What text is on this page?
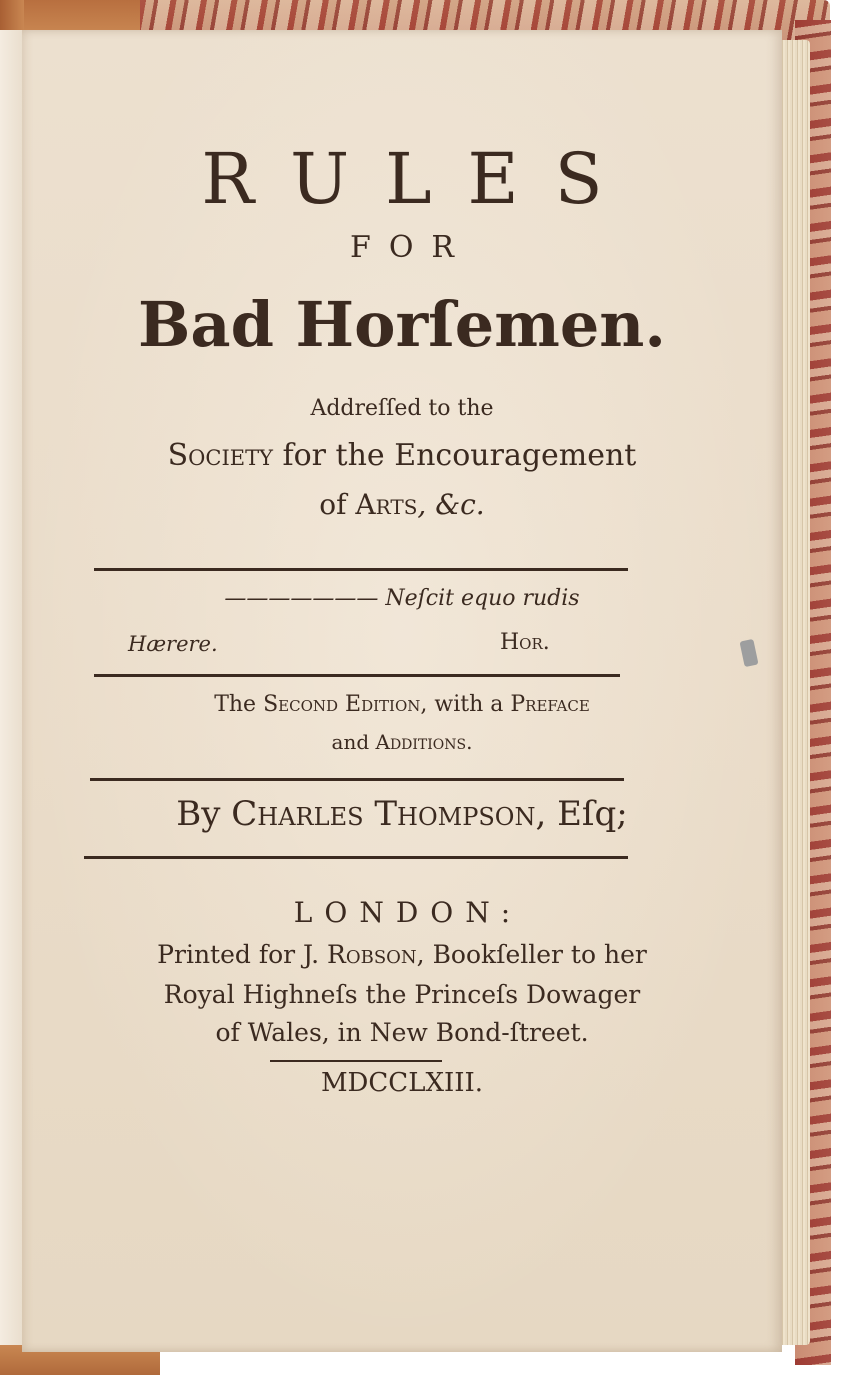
RULES
FOR
Bad Horſemen.
Addreſſed to the
Society for the Encouragement
of Arts, &c.
——————— Neſcit equo rudis
Hærere.	Hor.
The Second Edition, with a Preface
and Additions.
By Charles Thompson, Eſq;
LONDON:
Printed for J. Robson, Bookſeller to her
Royal Highneſs the Princeſs Dowager
of Wales, in New Bond-ſtreet.
MDCCLXIII.
